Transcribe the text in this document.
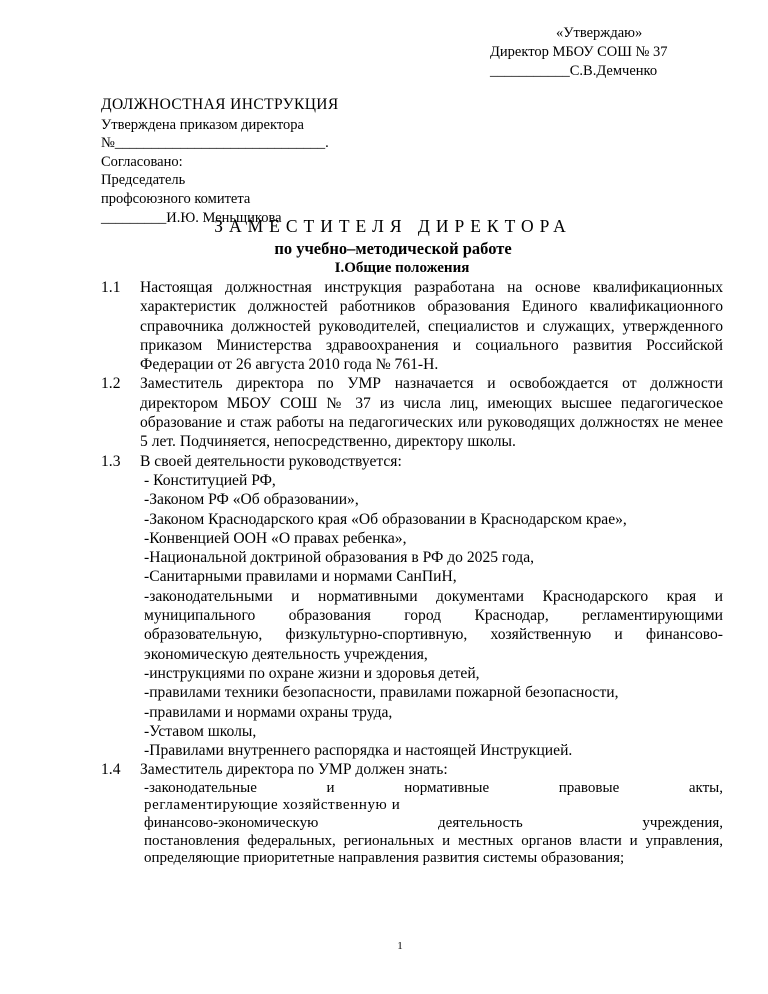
«Утверждаю»
Директор МБОУ СОШ № 37
___________С.В.Демченко
ДОЛЖНОСТНАЯ ИНСТРУКЦИЯ
Утверждена приказом директора
№_____________________________.
Согласовано:
Председатель
профсоюзного комитета
_________И.Ю. Меньщикова
ЗАМЕСТИТЕЛЯ ДИРЕКТОРА
по учебно–методической работе
I.Общие положения
1.1	Настоящая должностная инструкция разработана на основе квалификационных характеристик должностей работников образования Единого квалификационного справочника должностей руководителей, специалистов и служащих, утвержденного приказом Министерства здравоохранения и социального развития Российской Федерации от 26 августа 2010 года № 761-Н.
1.2	Заместитель директора по УМР назначается и освобождается от должности директором МБОУ СОШ № 37 из числа лиц, имеющих высшее педагогическое образование и стаж работы на педагогических или руководящих должностях не менее 5 лет. Подчиняется, непосредственно, директору школы.
1.3	В своей деятельности руководствуется:
- Конституцией РФ,
-Законом РФ «Об образовании»,
-Законом Краснодарского края «Об образовании в Краснодарском крае»,
-Конвенцией ООН «О правах ребенка»,
-Национальной доктриной образования в РФ до 2025 года,
-Санитарными правилами и нормами СанПиН,
-законодательными и нормативными документами Краснодарского края и муниципального образования город Краснодар, регламентирующими образовательную, физкультурно-спортивную, хозяйственную и финансово-экономическую деятельность учреждения,
-инструкциями по охране жизни и здоровья детей,
-правилами техники безопасности, правилами пожарной безопасности,
-правилами и нормами охраны труда,
-Уставом школы,
-Правилами внутреннего распорядка и настоящей Инструкцией.
1.4	Заместитель директора по УМР должен знать:
-законодательные и нормативные правовые акты,
регламентирующие хозяйственную и
финансово-экономическую деятельность учреждения,
постановления федеральных, региональных и местных органов власти и управления, определяющие приоритетные направления развития системы образования;
1
